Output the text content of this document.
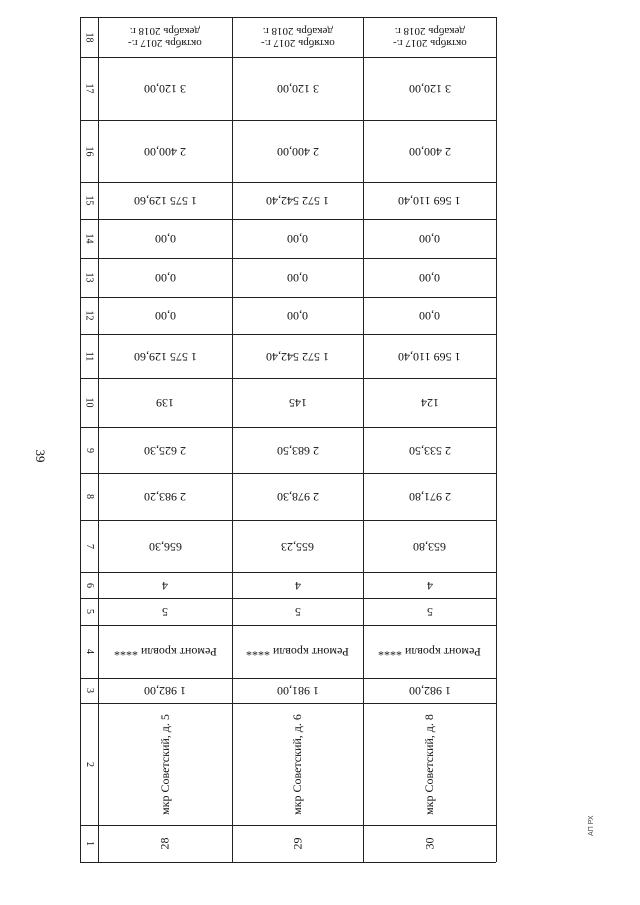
39
АП РХ
18
17
16
15
14
13
12
11
10
9
8
7
6
5
4
3
2
1
октябрь 2017 г.-
декабрь 2018 г.
3 120,00
2 400,00
1 575 129,60
0,00
0,00
0,00
1 575 129,60
139
2 625,30
2 983,20
656,30
4
5
Ремонт кровли ****
1 982,00
мкр Советский, д. 5
28
октябрь 2017 г.-
декабрь 2018 г.
3 120,00
2 400,00
1 572 542,40
0,00
0,00
0,00
1 572 542,40
145
2 683,50
2 978,30
655,23
4
5
Ремонт кровли ****
1 981,00
мкр Советский, д. 6
29
октябрь 2017 г.-
декабрь 2018 г.
3 120,00
2 400,00
1 569 110,40
0,00
0,00
0,00
1 569 110,40
124
2 533,50
2 971,80
653,80
4
5
Ремонт кровли ****
1 982,00
мкр Советский, д. 8
30
